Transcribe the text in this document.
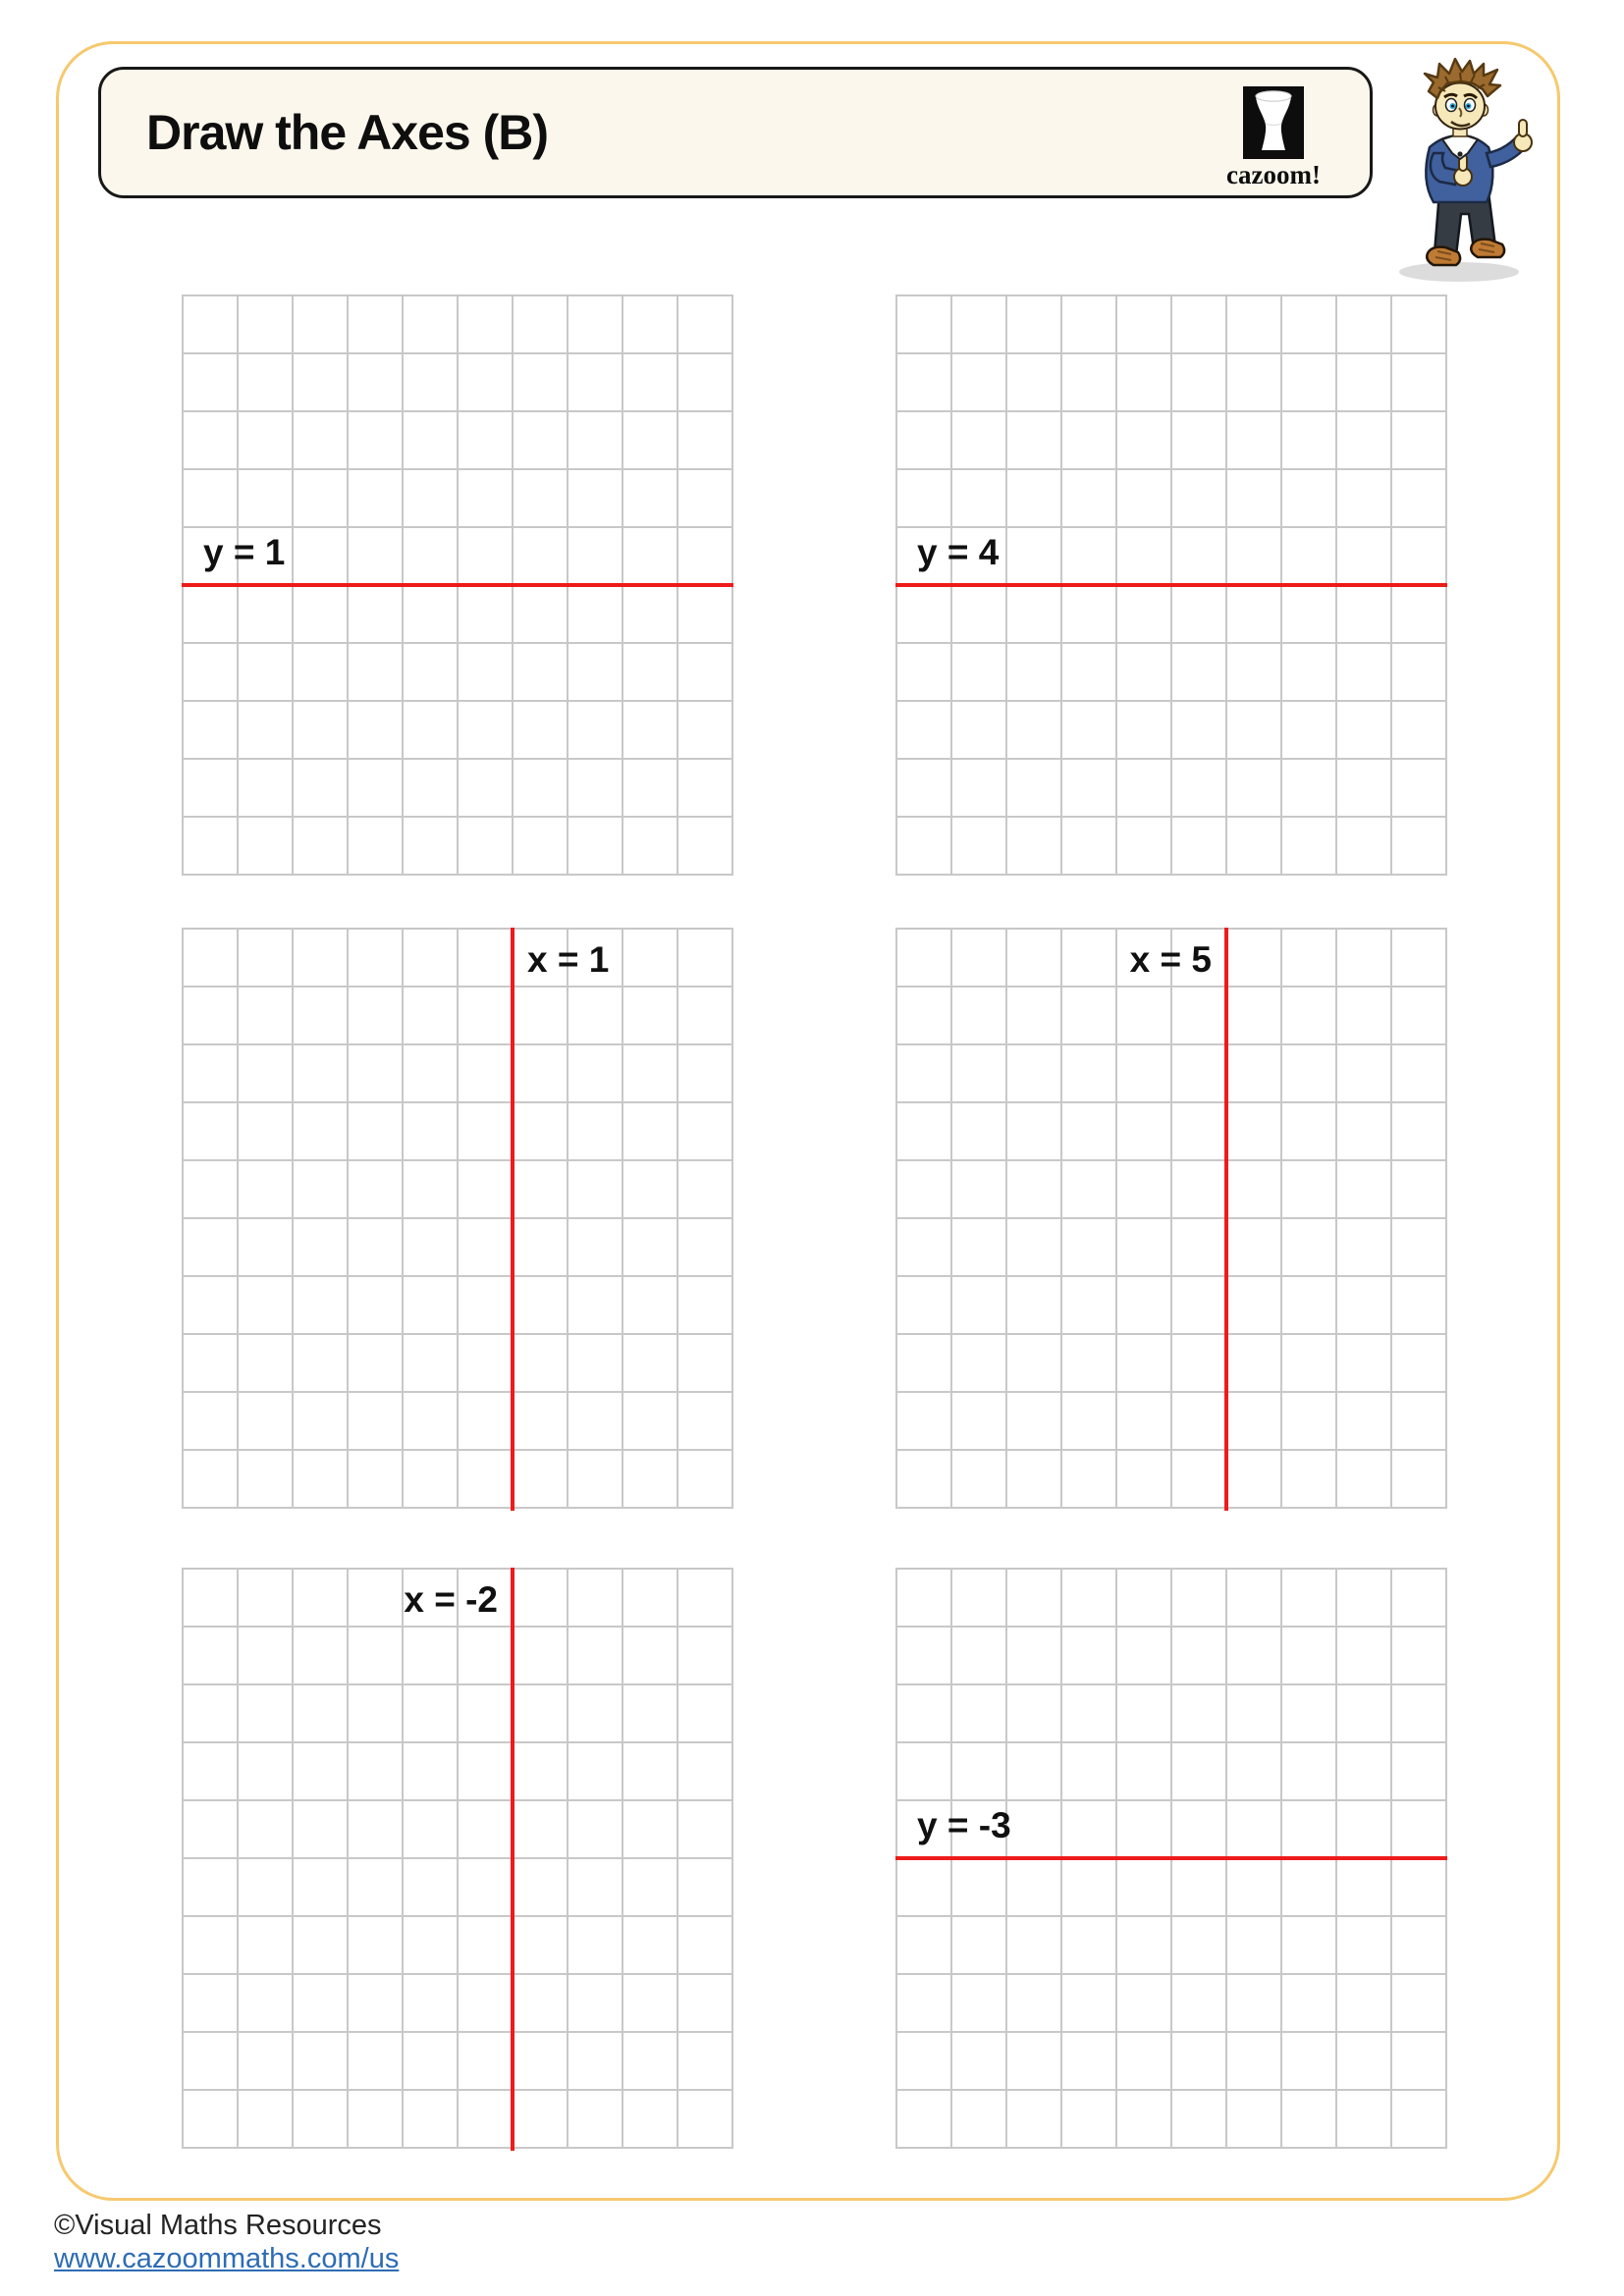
Draw the Axes (B)
cazoom!
y = 1	y = 4
x = 1	x = 5
x = -2
y = -3
©Visual Maths Resources
www.cazoommaths.com/us
